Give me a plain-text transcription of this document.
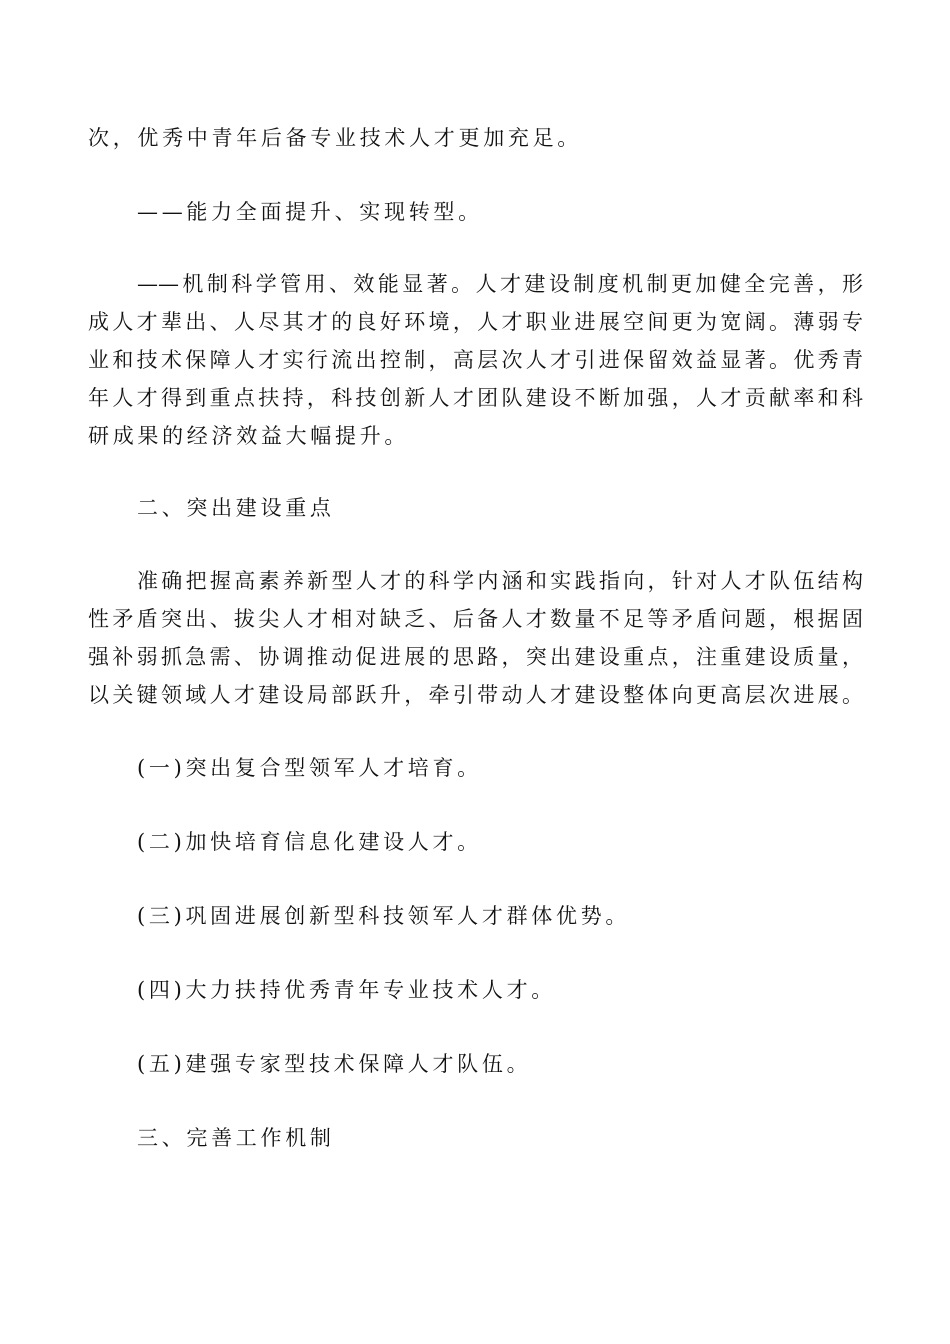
次，优秀中青年后备专业技术人才更加充足。
——能力全面提升、实现转型。
——机制科学管用、效能显著。人才建设制度机制更加健全完善，形
成人才辈出、人尽其才的良好环境，人才职业进展空间更为宽阔。薄弱专
业和技术保障人才实行流出控制，高层次人才引进保留效益显著。优秀青
年人才得到重点扶持，科技创新人才团队建设不断加强，人才贡献率和科
研成果的经济效益大幅提升。
二、突出建设重点
准确把握高素养新型人才的科学内涵和实践指向，针对人才队伍结构
性矛盾突出、拔尖人才相对缺乏、后备人才数量不足等矛盾问题，根据固
强补弱抓急需、协调推动促进展的思路，突出建设重点，注重建设质量，
以关键领域人才建设局部跃升，牵引带动人才建设整体向更高层次进展。
(一)突出复合型领军人才培育。
(二)加快培育信息化建设人才。
(三)巩固进展创新型科技领军人才群体优势。
(四)大力扶持优秀青年专业技术人才。
(五)建强专家型技术保障人才队伍。
三、完善工作机制
